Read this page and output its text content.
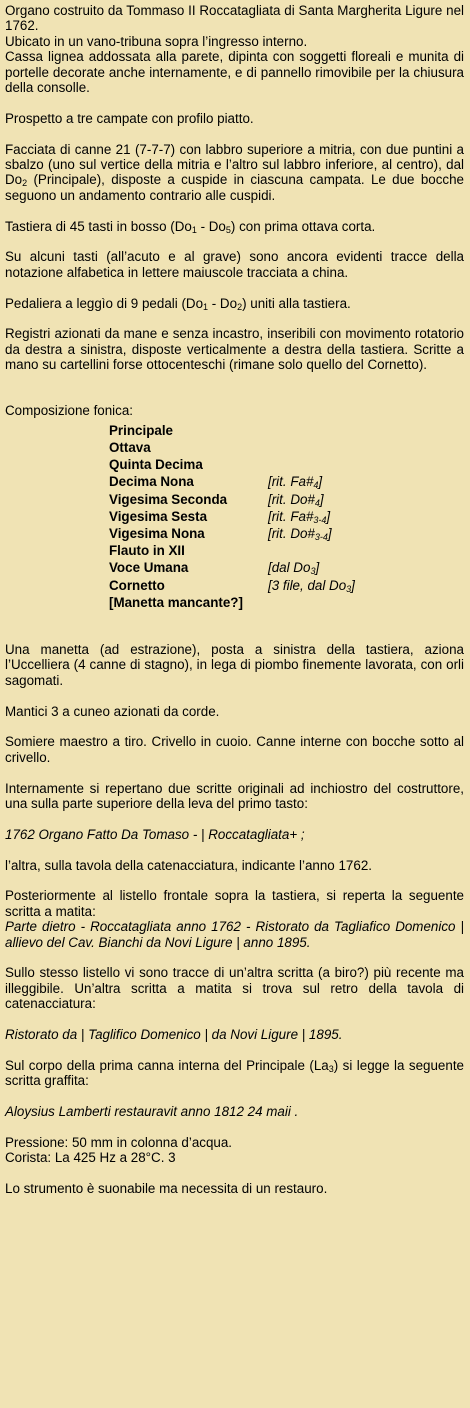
Organo costruito da Tommaso II Roccatagliata di Santa Margherita Ligure nel 1762.

Ubicato in un vano-tribuna sopra l’ingresso interno.

Cassa lignea addossata alla parete, dipinta con soggetti floreali e munita di portelle decorate anche internamente, e di pannello rimovibile per la chiusura della consolle.

Prospetto a tre campate con profilo piatto.

Facciata di canne 21 (7-7-7) con labbro superiore a mitria, con due puntini a sbalzo (uno sul vertice della mitria e l’altro sul labbro inferiore, al centro), dal $Do_2$ (Principale), disposte a cuspide in ciascuna campata. Le due bocche seguono un andamento contrario alle cuspidi.

Tastiera di 45 tasti in bosso $(Do_1 - Do_5)$ con prima ottava corta.

Su alcuni tasti (all’acuto e al grave) sono ancora evidenti tracce della notazione alfabetica in lettere maiuscole tracciata a china.

Pedaliera a leggìo di 9 pedali $(Do_1 - Do_2)$ uniti alla tastiera.

Registri azionati da mane e senza incastro, inseribili con movimento rotatorio da destra a sinistra, disposte verticalmente a destra della tastiera. Scritte a mano su cartellini forse ottocenteschi (rimane solo quello del Cornetto).

Composizione fonica:

Principale	
Ottava	
Quinta Decima	
Decima Nona	[rit. $Fa\#_4$]
Vigesima Seconda	[rit. $Do\#_4$]
Vigesima Sesta	[rit. $Fa\#_{3-4}$]
Vigesima Nona	[rit. $Do\#_{3-4}$]
Flauto in XII	
Voce Umana	[dal $Do_3$]
Cornetto	[3 file, dal $Do_3$]
[Manetta mancante?]	

Una manetta (ad estrazione), posta a sinistra della tastiera, aziona l’Uccelliera (4 canne di stagno), in lega di piombo finemente lavorata, con orli sagomati.

Mantici 3 a cuneo azionati da corde.

Somiere maestro a tiro. Crivello in cuoio. Canne interne con bocche sotto al crivello.

Internamente si repertano due scritte originali ad inchiostro del costruttore, una sulla parte superiore della leva del primo tasto:

1762 Organo Fatto Da Tomaso - | Roccatagliata+ ;

l’altra, sulla tavola della catenacciatura, indicante l’anno 1762.

Posteriormente al listello frontale sopra la tastiera, si reperta la seguente scritta a matita:

Parte dietro - Roccatagliata anno 1762 - Ristorato da Tagliafico Domenico | allievo del Cav. Bianchi da Novi Ligure | anno 1895.

Sullo stesso listello vi sono tracce di un’altra scritta (a biro?) più recente ma illeggibile. Un’altra scritta a matita si trova sul retro della tavola di catenacciatura:

Ristorato da | Taglifico Domenico | da Novi Ligure | 1895.

Sul corpo della prima canna interna del Principale $(La_3)$ si legge la seguente scritta graffita:

Aloysius Lamberti restauravit anno 1812 24 maii .

Pressione: 50 mm in colonna d’acqua.

Corista: La 425 Hz a 28°C. 3

Lo strumento è suonabile ma necessita di un restauro.
